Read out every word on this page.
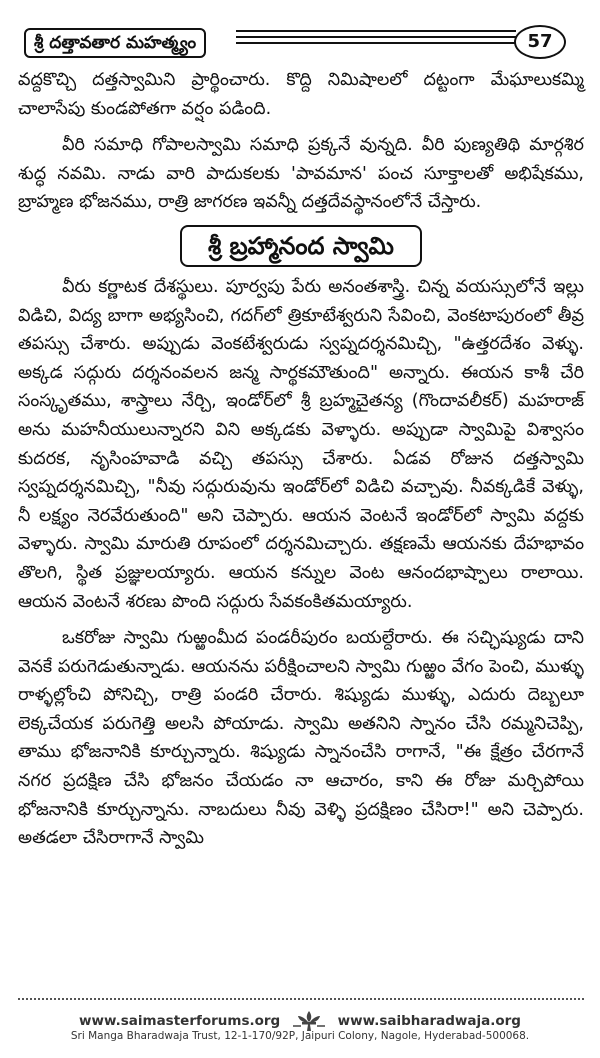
శ్రీ దత్తావతార మహత్మ్యం	57

వద్దకొచ్చి దత్తస్వామిని ప్రార్థించారు. కొద్ది నిమిషాలలో దట్టంగా మేఘాలుకమ్మి చాలాసేపు కుండపోతగా వర్షం పడింది.

వీరి సమాధి గోపాలస్వామి సమాధి ప్రక్కనే వున్నది. వీరి పుణ్యతిథి మార్గశిర శుద్ధ నవమి. నాడు వారి పాదుకలకు 'పావమాన' పంచ సూక్తాలతో అభిషేకము, బ్రాహ్మణ భోజనము, రాత్రి జాగరణ ఇవన్నీ దత్తదేవస్థానంలోనే చేస్తారు.

శ్రీ బ్రహ్మానంద స్వామి

వీరు కర్ణాటక దేశస్థులు. పూర్వపు పేరు అనంతశాస్త్రి. చిన్న వయస్సులోనే ఇల్లు విడిచి, విద్య బాగా అభ్యసించి, గదగ్‌లో త్రికూటేశ్వరుని సేవించి, వెంకటాపురంలో తీవ్ర తపస్సు చేశారు. అప్పుడు వెంకటేశ్వరుడు స్వప్నదర్శనమిచ్చి, "ఉత్తరదేశం వెళ్ళు. అక్కడ సద్గురు దర్శనంవలన జన్మ సార్థకమౌతుంది" అన్నారు. ఈయన కాశీ చేరి సంస్కృతము, శాస్త్రాలు నేర్చి, ఇండోర్‌లో శ్రీ బ్రహ్మచైతన్య (గొందావలీకర్) మహరాజ్ అను మహనీయులున్నారని విని అక్కడకు వెళ్ళారు. అప్పుడా స్వామిపై విశ్వాసం కుదరక, నృసింహవాడి వచ్చి తపస్సు చేశారు. ఏడవ రోజున దత్తస్వామి స్వప్నదర్శనమిచ్చి, "నీవు సద్గురువును ఇండోర్‌లో విడిచి వచ్చావు. నీవక్కడికే వెళ్ళు, నీ లక్ష్యం నెరవేరుతుంది" అని చెప్పారు. ఆయన వెంటనే ఇండోర్‌లో స్వామి వద్దకు వెళ్ళారు. స్వామి మారుతి రూపంలో దర్శనమిచ్చారు. తక్షణమే ఆయనకు దేహభావం తొలగి, స్థిత ప్రజ్ఞులయ్యారు. ఆయన కన్నుల వెంట ఆనందభాష్పాలు రాలాయి. ఆయన వెంటనే శరణు పొంది సద్గురు సేవకంకితమయ్యారు.

ఒకరోజు స్వామి గుఱ్ఱంమీద పండరీపురం బయల్దేరారు. ఈ సచ్ఛిష్యుడు దాని వెనకే పరుగెడుతున్నాడు. ఆయనను పరీక్షించాలని స్వామి గుఱ్ఱం వేగం పెంచి, ముళ్ళు రాళ్ళల్లోంచి పోనిచ్చి, రాత్రి పండరి చేరారు. శిష్యుడు ముళ్ళు, ఎదురు దెబ్బలూ లెక్కచేయక పరుగెత్తి అలసి పోయాడు. స్వామి అతనిని స్నానం చేసి రమ్మనిచెప్పి, తాము భోజనానికి కూర్చున్నారు. శిష్యుడు స్నానంచేసి రాగానే, "ఈ క్షేత్రం చేరగానే నగర ప్రదక్షిణ చేసి భోజనం చేయడం నా ఆచారం, కాని ఈ రోజు మర్చిపోయి భోజనానికి కూర్చున్నాను. నాబదులు నీవు వెళ్ళి ప్రదక్షిణం చేసిరా!" అని చెప్పారు. అతడలా చేసిరాగానే స్వామి

www.saimasterforums.org	www.saibharadwaja.org
Sri Manga Bharadwaja Trust, 12-1-170/92P, Jaipuri Colony, Nagole, Hyderabad-500068.
